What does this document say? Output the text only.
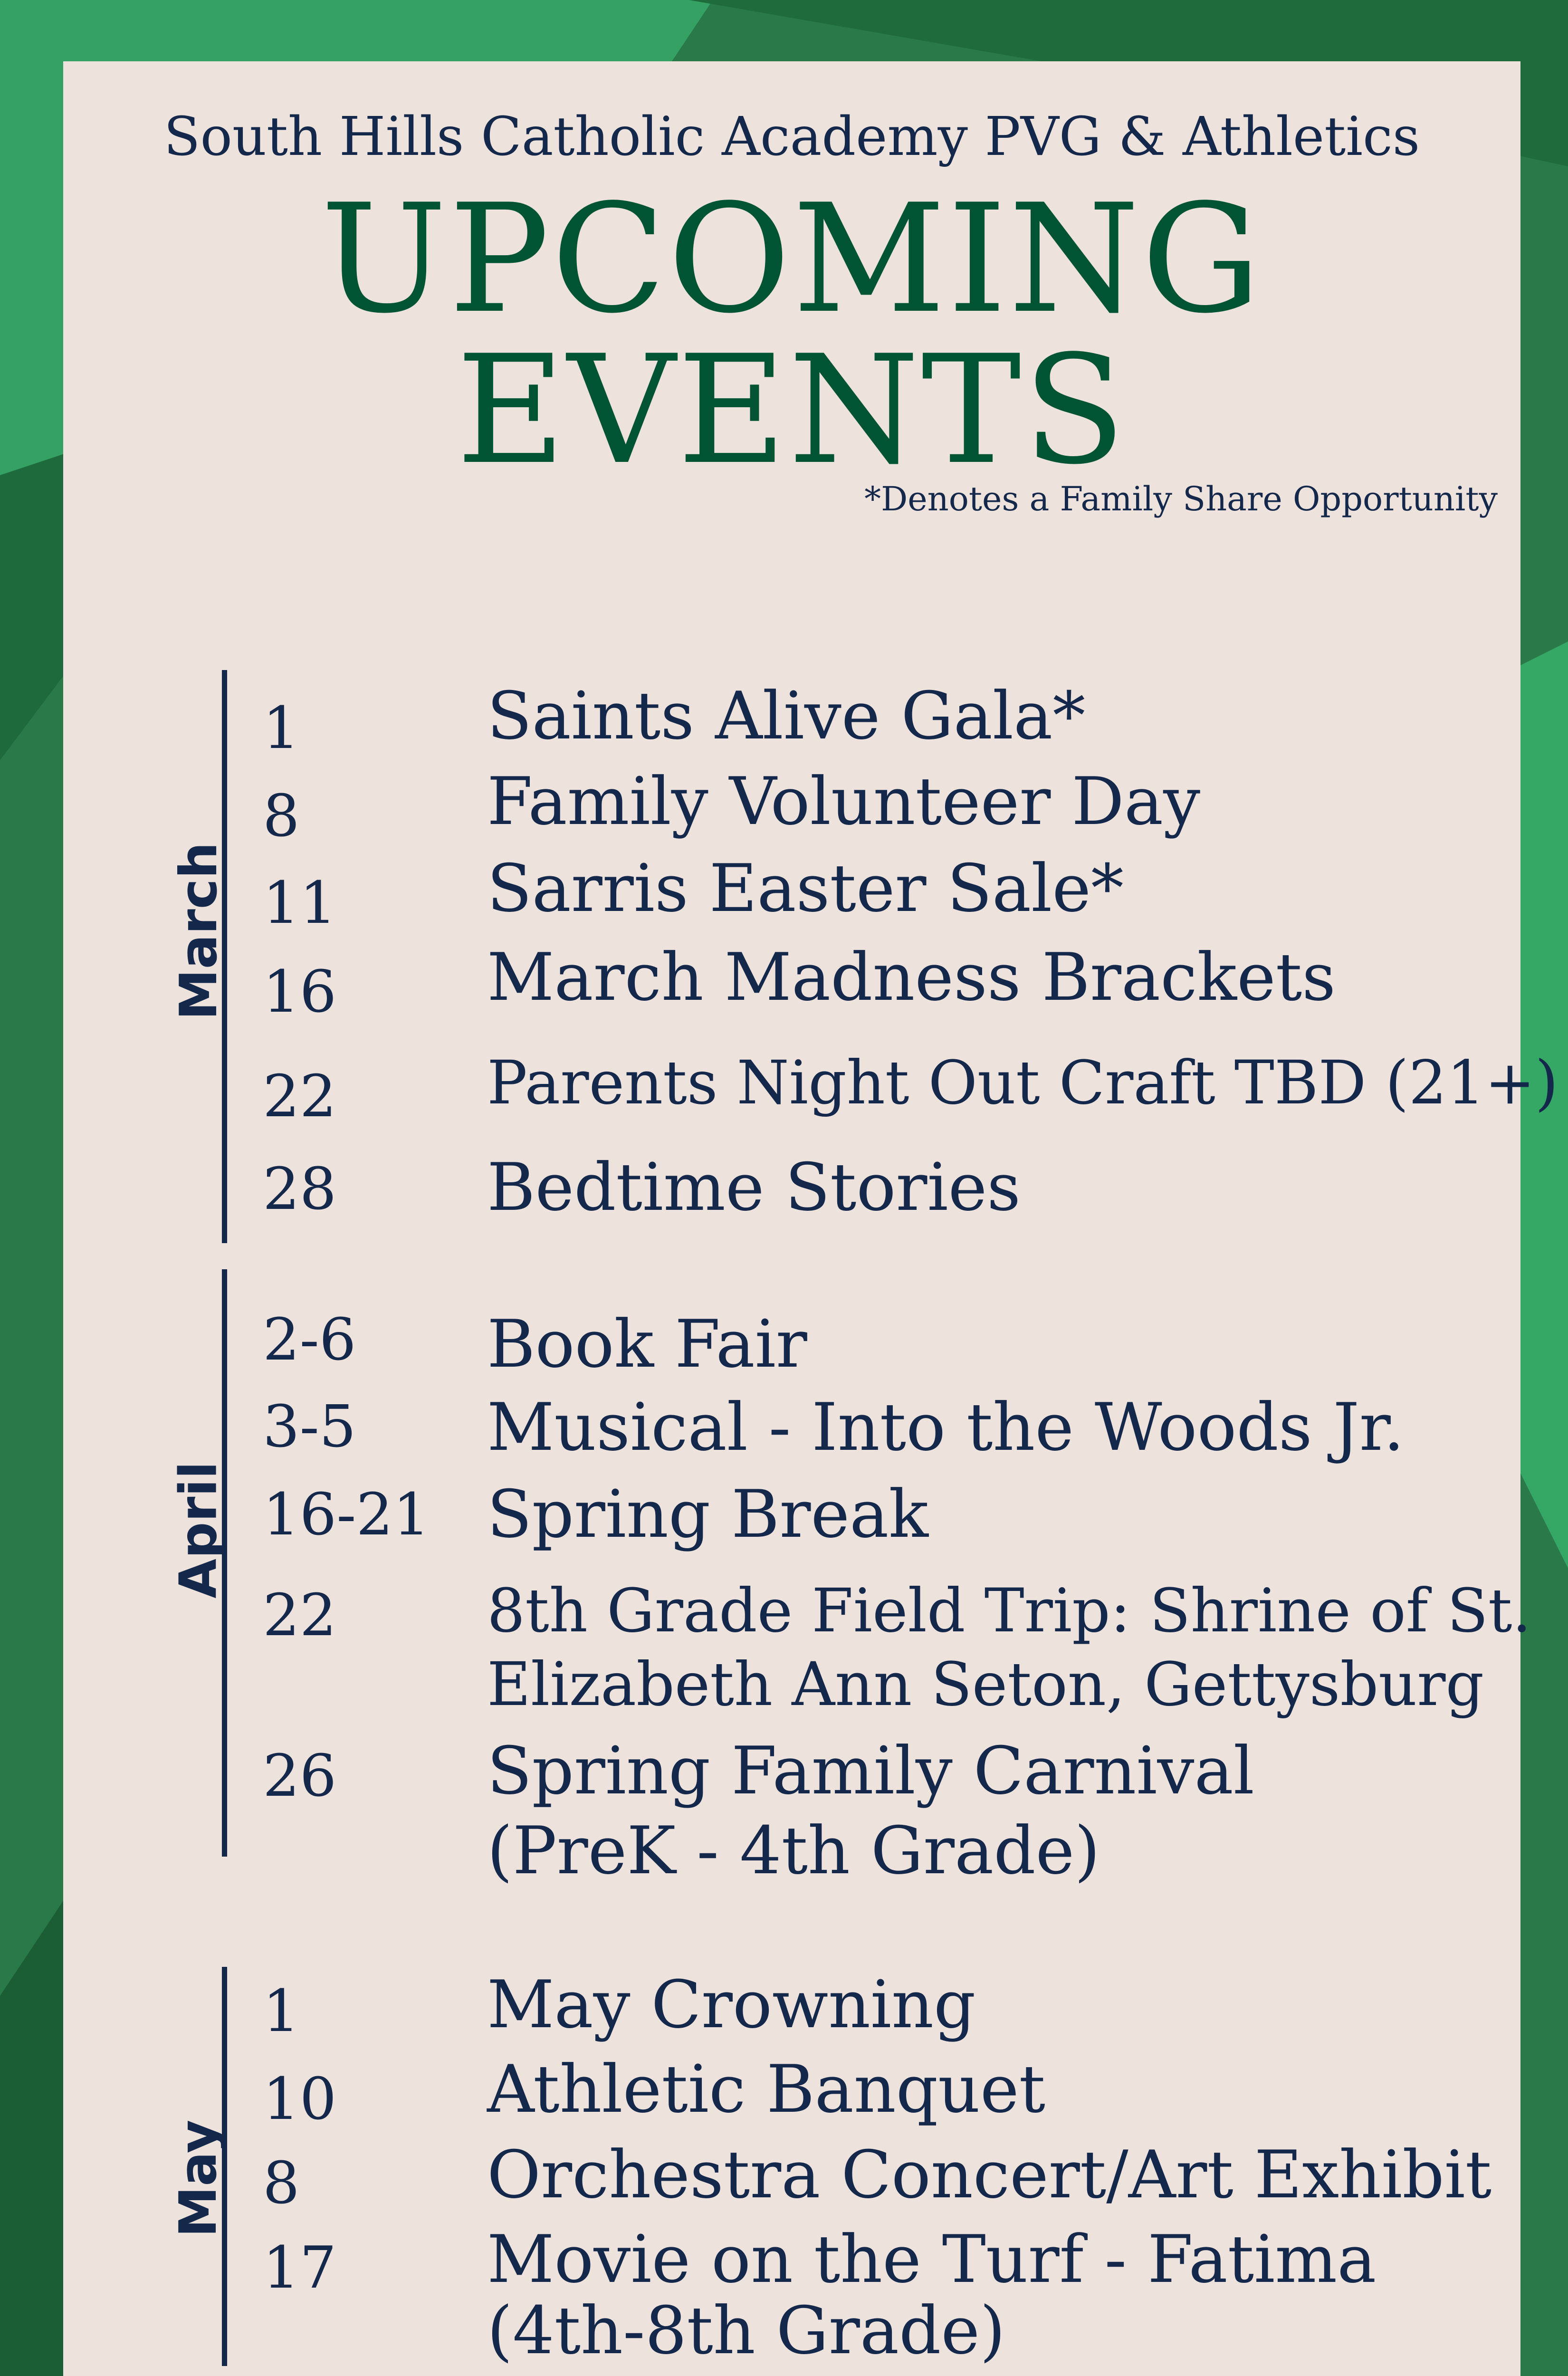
South Hills Catholic Academy PVG & Athletics
UPCOMING
EVENTS
*Denotes a Family Share Opportunity
March
1	Saints Alive Gala*
8	Family Volunteer Day
11 Sarris Easter Sale*
16 March Madness Brackets
22	Parents Night Out Craft TBD (21+)
28 Bedtime Stories
April
2-6 Book Fair
3-5 Musical - Into the Woods Jr.
16-21 Spring Break
22	8th Grade Field Trip: Shrine of St.
Elizabeth Ann Seton, Gettysburg
26 Spring Family Carnival
(PreK - 4th Grade)
May
1	May Crowning
10 Athletic Banquet
8	Orchestra Concert/Art Exhibit
17 Movie on the Turf - Fatima
(4th-8th Grade)
